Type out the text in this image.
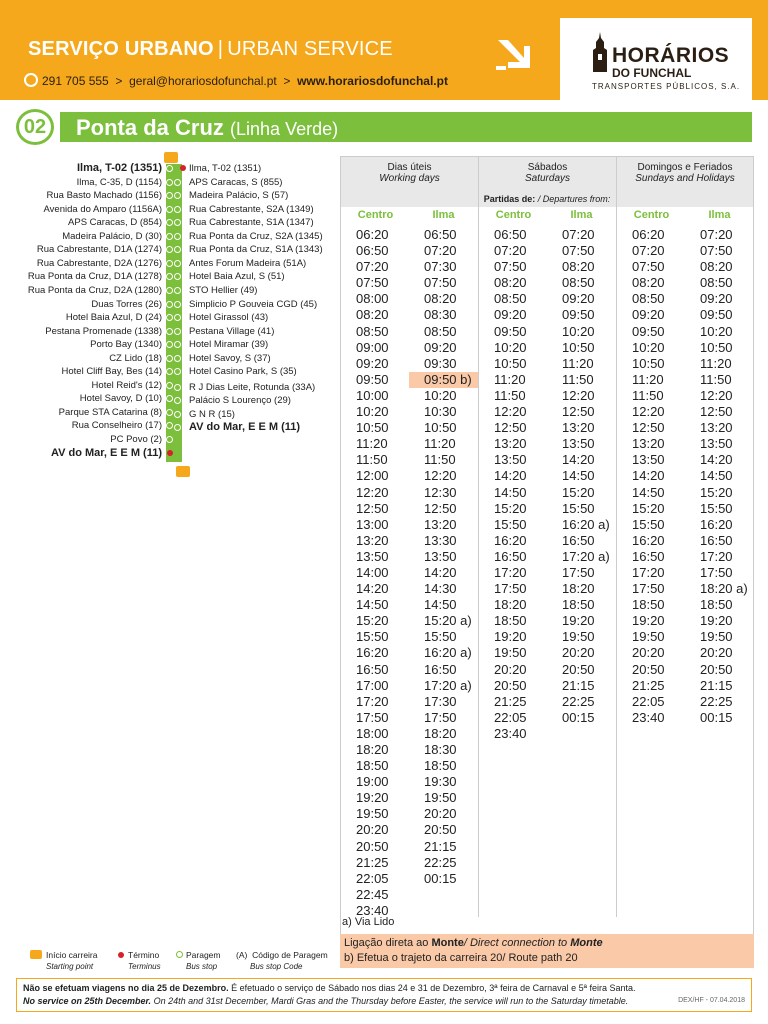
SERVIÇO URBANO | URBAN SERVICE
291 705 555 > geral@horariosdofunchal.pt > www.horariosdofunchal.pt
HORÁRIOS
DO FUNCHAL
TRANSPORTES PÚBLICOS, S.A.
02	Ponta da Cruz (Linha Verde)
Ilma, T-02 (1351)
Ilma, C-35, D (1154)
Rua Basto Machado (1156)
Avenida do Amparo (1156A)
APS Caracas, D (854)
Madeira Palácio, D (30)
Rua Cabrestante, D1A (1274)
Rua Cabrestante, D2A (1276)
Rua Ponta da Cruz, D1A (1278)
Rua Ponta da Cruz, D2A (1280)
Duas Torres (26)
Hotel Baia Azul, D (24)
Pestana Promenade (1338)
Porto Bay (1340)
CZ Lido (18)
Hotel Cliff Bay, Bes (14)
Hotel Reid's (12)
Hotel Savoy, D (10)
Parque STA Catarina (8)
Rua Conselheiro (17)
PC Povo (2)
AV do Mar, E E M (11)
Ilma, T-02 (1351)
APS Caracas, S (855)
Madeira Palácio, S (57)
Rua Cabrestante, S2A (1349)
Rua Cabrestante, S1A (1347)
Rua Ponta da Cruz, S2A (1345)
Rua Ponta da Cruz, S1A (1343)
Antes Forum Madeira (51A)
Hotel Baia Azul, S (51)
STO Hellier (49)
Simplicio P Gouveia CGD (45)
Hotel Girassol (43)
Pestana Village (41)
Hotel Miramar (39)
Hotel Savoy, S (37)
Hotel Casino Park, S (35)
R J Dias Leite, Rotunda (33A)
Palácio S Lourenço (29)
G N R (15)
AV do Mar, E E M (11)
Dias úteis
Working days
Sábados
Saturdays
Domingos e Feriados
Sundays and Holidays
Partidas de: / Departures from:
Centro
06:20
06:50
07:20
07:50
08:00
08:20
08:50
09:00
09:20
09:50
10:00
10:20
10:50
11:20
11:50
12:00
12:20
12:50
13:00
13:20
13:50
14:00
14:20
14:50
15:20
15:50
16:20
16:50
17:00
17:20
17:50
18:00
18:20
18:50
19:00
19:20
19:50
20:20
20:50
21:25
22:05
22:45
23:40
Ilma
06:50
07:20
07:30
07:50
08:20
08:30
08:50
09:20
09:30
09:50 b)
10:20
10:30
10:50
11:20
11:50
12:20
12:30
12:50
13:20
13:30
13:50
14:20
14:30
14:50
15:20 a)
15:50
16:20 a)
16:50
17:20 a)
17:30
17:50
18:20
18:30
18:50
19:30
19:50
20:20
20:50
21:15
22:25
00:15
Centro
06:50
07:20
07:50
08:20
08:50
09:20
09:50
10:20
10:50
11:20
11:50
12:20
12:50
13:20
13:50
14:20
14:50
15:20
15:50
16:20
16:50
17:20
17:50
18:20
18:50
19:20
19:50
20:20
20:50
21:25
22:05
23:40
Ilma
07:20
07:50
08:20
08:50
09:20
09:50
10:20
10:50
11:20
11:50
12:20
12:50
13:20
13:50
14:20
14:50
15:20
15:50
16:20 a)
16:50
17:20 a)
17:50
18:20
18:50
19:20
19:50
20:20
20:50
21:15
22:25
00:15
Centro
06:20
07:20
07:50
08:20
08:50
09:20
09:50
10:20
10:50
11:20
11:50
12:20
12:50
13:20
13:50
14:20
14:50
15:20
15:50
16:20
16:50
17:20
17:50
18:50
19:20
19:50
20:20
20:50
21:25
22:05
23:40
Ilma
07:20
07:50
08:20
08:50
09:20
09:50
10:20
10:50
11:20
11:50
12:20
12:50
13:20
13:50
14:20
14:50
15:20
15:50
16:20
16:50
17:20
17:50
18:20 a)
18:50
19:20
19:50
20:20
20:50
21:15
22:25
00:15
a) Via Lido
Ligação direta ao Monte/ Direct connection to Monte
b) Efetua o trajeto da carreira 20/ Route path 20
Início carreira
Starting point
Término
Terminus
Paragem
Bus stop
(A) Código de Paragem
Bus stop Code
Não se efetuam viagens no dia 25 de Dezembro. É efetuado o serviço de Sábado nos dias 24 e 31 de Dezembro, 3ª feira de Carnaval e 5ª feira Santa.
No service on 25th December. On 24th and 31st December, Mardi Gras and the Thursday before Easter, the service will run to the Saturday timetable.	DEX/HF - 07.04.2018
